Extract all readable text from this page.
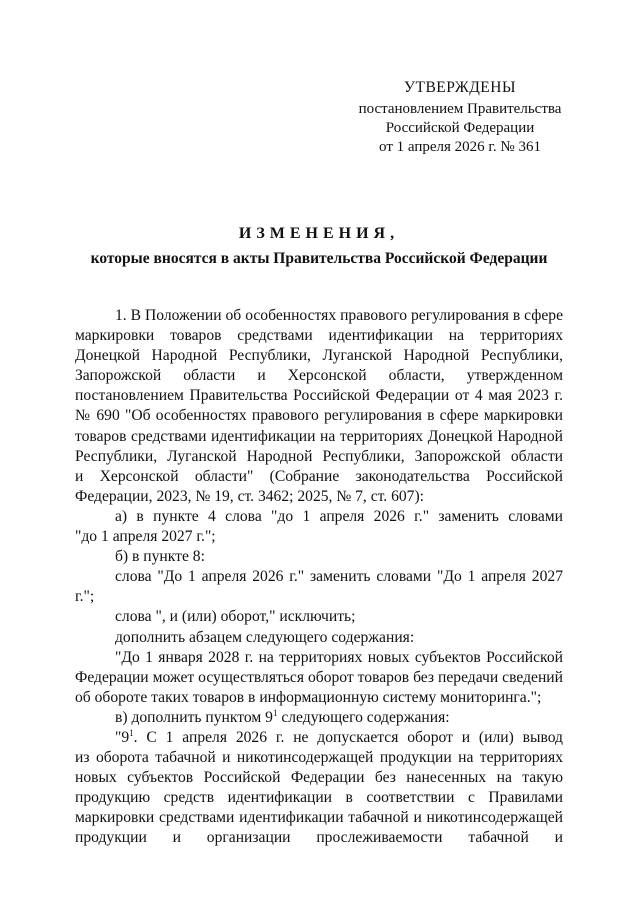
УТВЕРЖДЕНЫ
постановлением Правительства
Российской Федерации
от 1 апреля 2026 г. № 361
ИЗМЕНЕНИЯ,
которые вносятся в акты Правительства Российской Федерации
1. В Положении об особенностях правового регулирования в сфере
маркировки товаров средствами идентификации на территориях
Донецкой Народной Республики, Луганской Народной Республики,
Запорожской области и Херсонской области, утвержденном
постановлением Правительства Российской Федерации от 4 мая 2023 г.
№ 690 "Об особенностях правового регулирования в сфере маркировки
товаров средствами идентификации на территориях Донецкой Народной
Республики, Луганской Народной Республики, Запорожской области
и Херсонской области" (Собрание законодательства Российской
Федерации, 2023, № 19, ст. 3462; 2025, № 7, ст. 607):
а) в пункте 4 слова "до 1 апреля 2026 г." заменить словами
"до 1 апреля 2027 г.";
б) в пункте 8:
слова "До 1 апреля 2026 г." заменить словами "До 1 апреля 2027 г.";
слова ", и (или) оборот," исключить;
дополнить абзацем следующего содержания:
"До 1 января 2028 г. на территориях новых субъектов Российской
Федерации может осуществляться оборот товаров без передачи сведений
об обороте таких товаров в информационную систему мониторинга.";
в) дополнить пунктом $9^1$ следующего содержания:
"$9^1$. С 1 апреля 2026 г. не допускается оборот и (или) вывод
из оборота табачной и никотинсодержащей продукции на территориях
новых субъектов Российской Федерации без нанесенных на такую
продукцию средств идентификации в соответствии с Правилами
маркировки средствами идентификации табачной и никотинсодержащей
продукции и организации прослеживаемости табачной и
